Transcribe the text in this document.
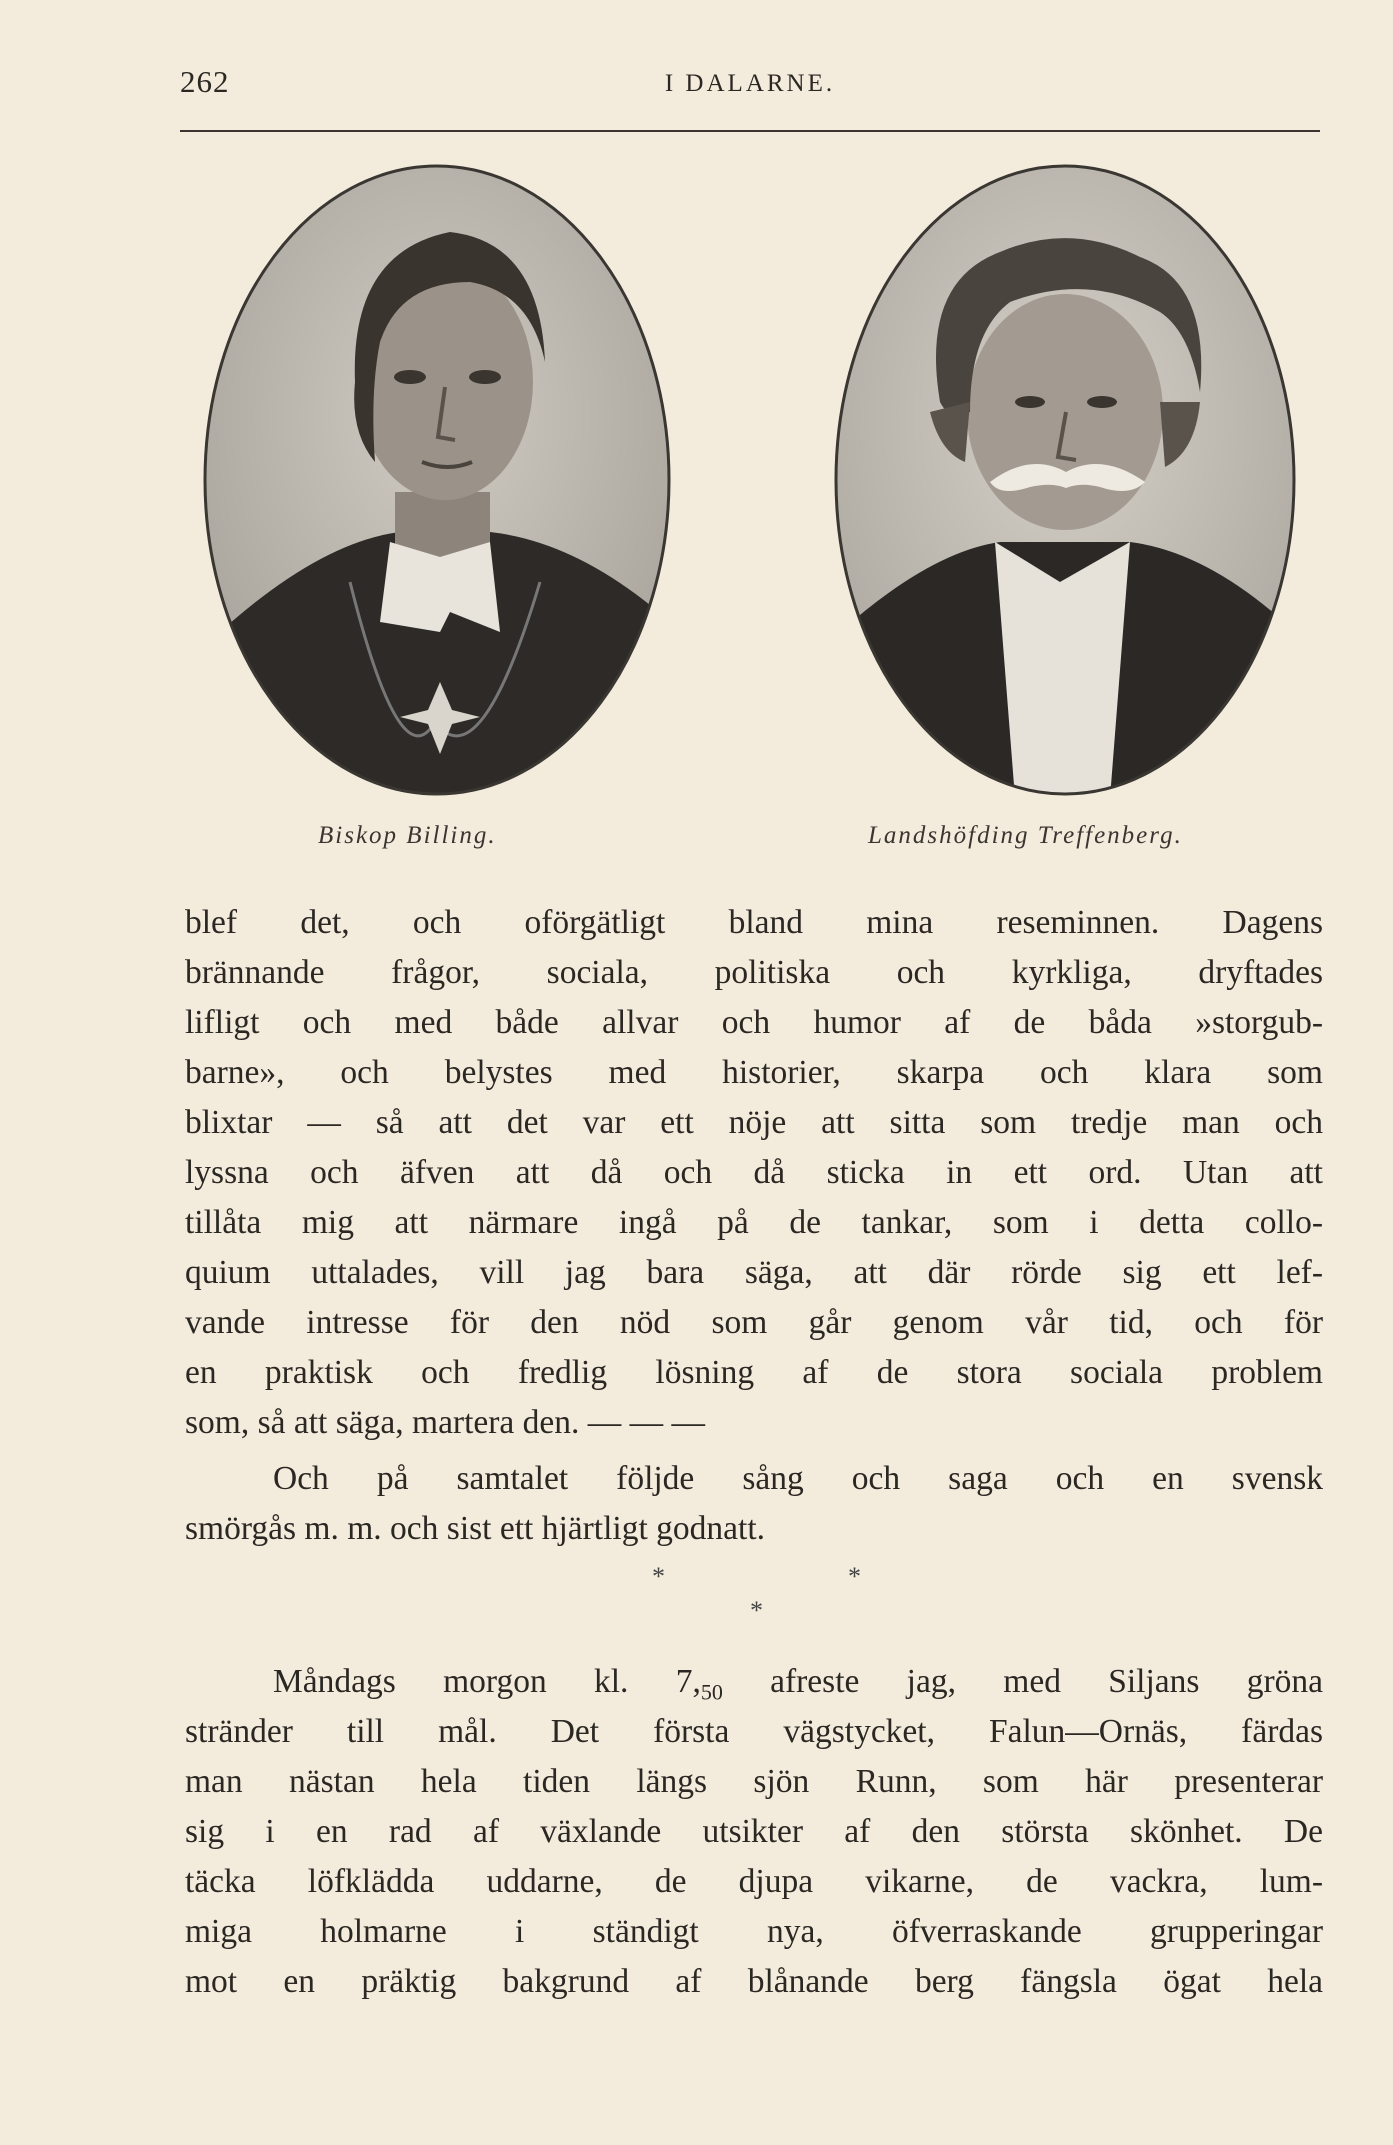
262	I DALARNE.
Biskop Billing.	Landshöfding Treffenberg.
blef det, och oförgätligt bland mina reseminnen. Dagens
brännande frågor, sociala, politiska och kyrkliga, dryftades
lifligt och med både allvar och humor af de båda »storgub-
barne», och belystes med historier, skarpa och klara som
blixtar — så att det var ett nöje att sitta som tredje man och
lyssna och äfven att då och då sticka in ett ord. Utan att
tillåta mig att närmare ingå på de tankar, som i detta collo-
quium uttalades, vill jag bara säga, att där rörde sig ett lef-
vande intresse för den nöd som går genom vår tid, och för
en praktisk och fredlig lösning af de stora sociala problem
som, så att säga, martera den. — — —
Och på samtalet följde sång och saga och en svensk
smörgås m. m. och sist ett hjärtligt godnatt.
*	*
*
Måndags morgon kl. $7,_{50}$ afreste jag, med Siljans gröna
stränder till mål. Det första vägstycket, Falun—Ornäs, färdas
man nästan hela tiden längs sjön Runn, som här presenterar
sig i en rad af växlande utsikter af den största skönhet. De
täcka löfklädda uddarne, de djupa vikarne, de vackra, lum-
miga holmarne i ständigt nya, öfverraskande grupperingar
mot en präktig bakgrund af blånande berg fängsla ögat hela
